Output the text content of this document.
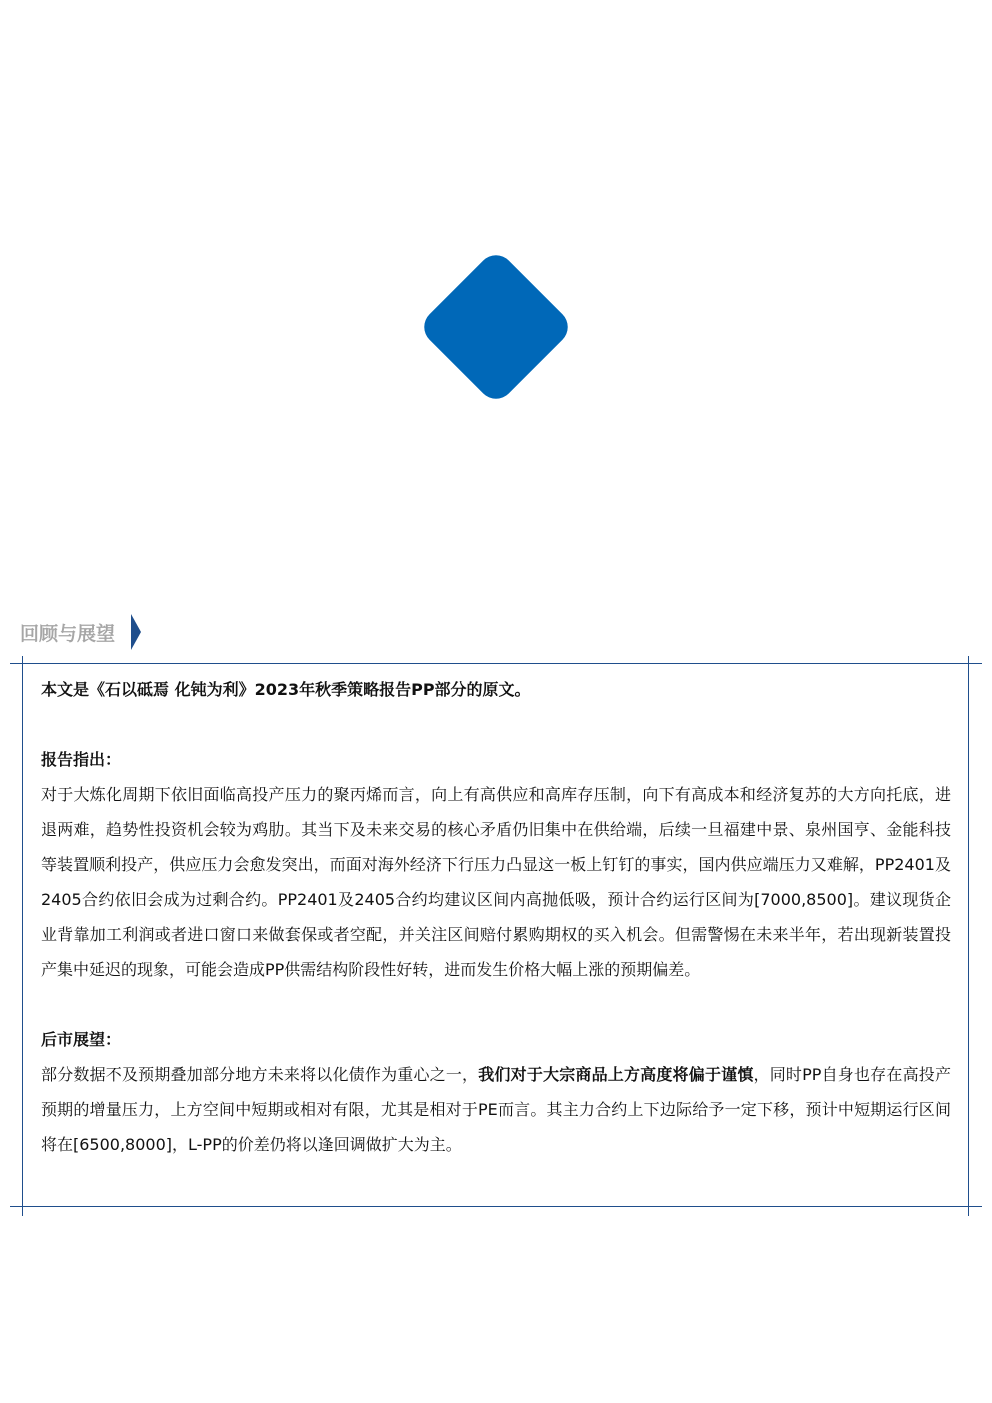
回顾与展望

本文是《石以砥焉 化钝为利》2023年秋季策略报告PP部分的原文。

报告指出：

对于大炼化周期下依旧面临高投产压力的聚丙烯而言，向上有高供应和高库存压制，向下有高成本和经济复苏的大方向托底，进退两难，趋势性投资机会较为鸡肋。其当下及未来交易的核心矛盾仍旧集中在供给端，后续一旦福建中景、泉州国亨、金能科技等装置顺利投产，供应压力会愈发突出，而面对海外经济下行压力凸显这一板上钉钉的事实，国内供应端压力又难解，PP2401及2405合约依旧会成为过剩合约。PP2401及2405合约均建议区间内高抛低吸，预计合约运行区间为[7000,8500]。建议现货企业背靠加工利润或者进口窗口来做套保或者空配，并关注区间赔付累购期权的买入机会。但需警惕在未来半年，若出现新装置投产集中延迟的现象，可能会造成PP供需结构阶段性好转，进而发生价格大幅上涨的预期偏差。

后市展望：

部分数据不及预期叠加部分地方未来将以化债作为重心之一，我们对于大宗商品上方高度将偏于谨慎，同时PP自身也存在高投产预期的增量压力，上方空间中短期或相对有限，尤其是相对于PE而言。其主力合约上下边际给予一定下移，预计中短期运行区间将在[6500,8000]，L-PP的价差仍将以逢回调做扩大为主。
